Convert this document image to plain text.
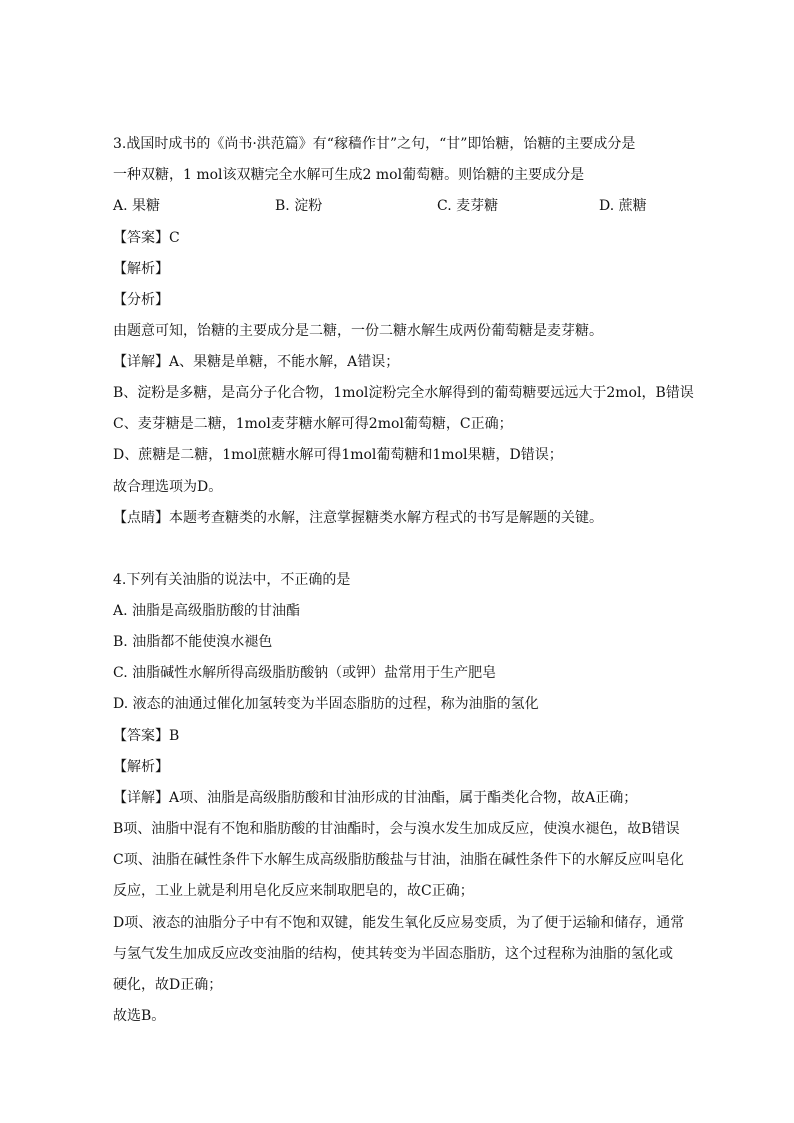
3.战国时成书的《尚书·洪范篇》有“稼穑作甘”之句，“甘”即饴糖，饴糖的主要成分是
一种双糖，1 mol该双糖完全水解可生成2 mol葡萄糖。则饴糖的主要成分是
A. 果糖	B. 淀粉	C. 麦芽糖	D. 蔗糖
【答案】C
【解析】
【分析】
由题意可知，饴糖的主要成分是二糖，一份二糖水解生成两份葡萄糖是麦芽糖。
【详解】A、果糖是单糖，不能水解，A错误；
B、淀粉是多糖，是高分子化合物，1mol淀粉完全水解得到的葡萄糖要远远大于2mol，B错误
C、麦芽糖是二糖，1mol麦芽糖水解可得2mol葡萄糖，C正确；
D、蔗糖是二糖，1mol蔗糖水解可得1mol葡萄糖和1mol果糖，D错误；
故合理选项为D。
【点睛】本题考查糖类的水解，注意掌握糖类水解方程式的书写是解题的关键。
4.下列有关油脂的说法中，不正确的是
A. 油脂是高级脂肪酸的甘油酯
B. 油脂都不能使溴水褪色
C. 油脂碱性水解所得高级脂肪酸钠（或钾）盐常用于生产肥皂
D. 液态的油通过催化加氢转变为半固态脂肪的过程，称为油脂的氢化
【答案】B
【解析】
【详解】A项、油脂是高级脂肪酸和甘油形成的甘油酯，属于酯类化合物，故A正确；
B项、油脂中混有不饱和脂肪酸的甘油酯时，会与溴水发生加成反应，使溴水褪色，故B错误
C项、油脂在碱性条件下水解生成高级脂肪酸盐与甘油，油脂在碱性条件下的水解反应叫皂化
反应，工业上就是利用皂化反应来制取肥皂的，故C正确；
D项、液态的油脂分子中有不饱和双键，能发生氧化反应易变质，为了便于运输和储存，通常
与氢气发生加成反应改变油脂的结构，使其转变为半固态脂肪，这个过程称为油脂的氢化或
硬化，故D正确；
故选B。
